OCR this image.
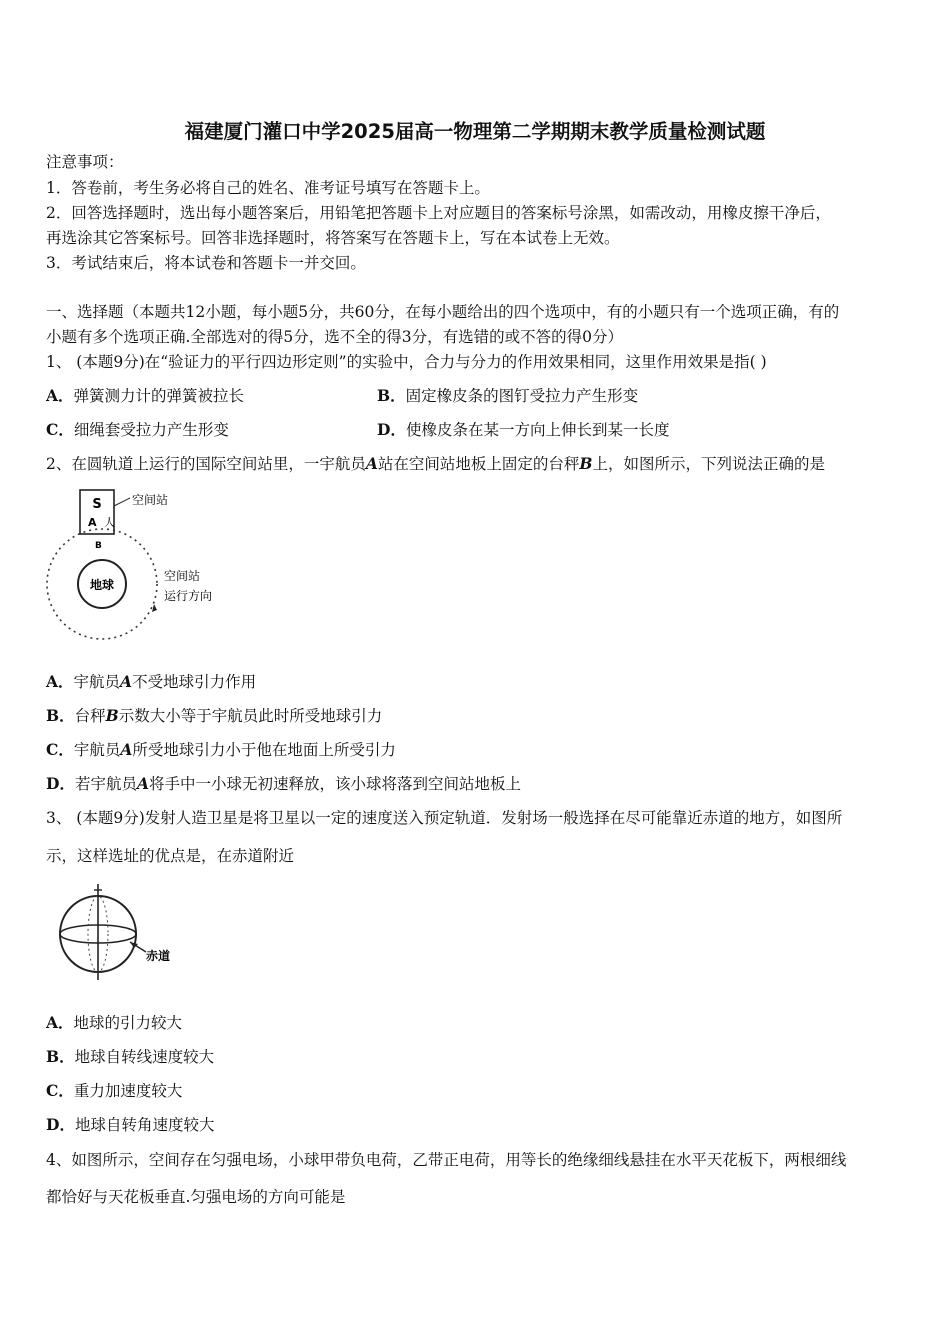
福建厦门灌口中学2025届高一物理第二学期期末教学质量检测试题
注意事项：
1．答卷前，考生务必将自己的姓名、准考证号填写在答题卡上。
2．回答选择题时，选出每小题答案后，用铅笔把答题卡上对应题目的答案标号涂黑，如需改动，用橡皮擦干净后，
再选涂其它答案标号。回答非选择题时，将答案写在答题卡上，写在本试卷上无效。
3．考试结束后，将本试卷和答题卡一并交回。
一、选择题（本题共12小题，每小题5分，共60分，在每小题给出的四个选项中，有的小题只有一个选项正确，有的
小题有多个选项正确.全部选对的得5分，选不全的得3分，有选错的或不答的得0分）
1、 (本题9分)在“验证力的平行四边形定则”的实验中，合力与分力的作用效果相同，这里作用效果是指( )
A．弹簧测力计的弹簧被拉长	B．固定橡皮条的图钉受拉力产生形变
C．细绳套受拉力产生形变	D．使橡皮条在某一方向上伸长到某一长度
2、在圆轨道上运行的国际空间站里，一宇航员A站在空间站地板上固定的台秤B上，如图所示，下列说法正确的是
S
A 人
空间站
B
地球
空间站
运行方向
A．宇航员A不受地球引力作用
B．台秤B示数大小等于宇航员此时所受地球引力
C．宇航员A所受地球引力小于他在地面上所受引力
D．若宇航员A将手中一小球无初速释放，该小球将落到空间站地板上
3、 (本题9分)发射人造卫星是将卫星以一定的速度送入预定轨道．发射场一般选择在尽可能靠近赤道的地方，如图所
示，这样选址的优点是，在赤道附近
赤道
A．地球的引力较大
B．地球自转线速度较大
C．重力加速度较大
D．地球自转角速度较大
4、如图所示，空间存在匀强电场，小球甲带负电荷，乙带正电荷，用等长的绝缘细线悬挂在水平天花板下，两根细线
都恰好与天花板垂直.匀强电场的方向可能是
